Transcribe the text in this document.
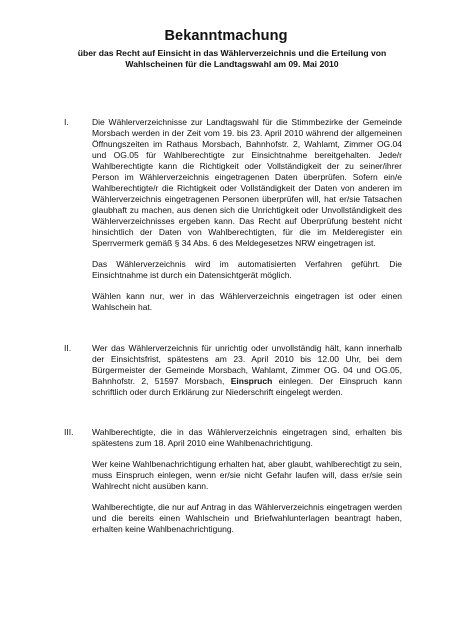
Bekanntmachung
über das Recht auf Einsicht in das Wählerverzeichnis und die Erteilung von Wahlscheinen für die Landtagswahl am 09. Mai 2010
I.	Die Wählerverzeichnisse zur Landtagswahl für die Stimmbezirke der Gemeinde Morsbach werden in der Zeit vom 19. bis 23. April 2010 während der allgemeinen Öffnungszeiten im Rathaus Morsbach, Bahnhofstr. 2, Wahlamt, Zimmer OG.04 und OG.05 für Wahlberechtigte zur Einsichtnahme bereitgehalten. Jede/r Wahlberechtigte kann die Richtigkeit oder Vollständigkeit der zu seiner/ihrer Person im Wählerverzeichnis eingetragenen Daten überprüfen. Sofern ein/e Wahlberechtigte/r die Richtigkeit oder Vollständigkeit der Daten von anderen im Wählerverzeichnis eingetragenen Personen überprüfen will, hat er/sie Tatsachen glaubhaft zu machen, aus denen sich die Unrichtigkeit oder Unvollständigkeit des Wählerverzeichnisses ergeben kann. Das Recht auf Überprüfung besteht nicht hinsichtlich der Daten von Wahlberechtigten, für die im Melderegister ein Sperrvermerk gemäß § 34 Abs. 6 des Meldegesetzes NRW eingetragen ist.

Das Wählerverzeichnis wird im automatisierten Verfahren geführt. Die Einsichtnahme ist durch ein Datensichtgerät möglich.

Wählen kann nur, wer in das Wählerverzeichnis eingetragen ist oder einen Wahlschein hat.

II. Wer das Wählerverzeichnis für unrichtig oder unvollständig hält, kann innerhalb der Einsichtsfrist, spätestens am 23. April 2010 bis 12.00 Uhr, bei dem Bürgermeister der Gemeinde Morsbach, Wahlamt, Zimmer OG. 04 und OG.05, Bahnhofstr. 2, 51597 Morsbach, Einspruch einlegen. Der Einspruch kann schriftlich oder durch Erklärung zur Niederschrift eingelegt werden.

III. Wahlberechtigte, die in das Wählerverzeichnis eingetragen sind, erhalten bis spätestens zum 18. April 2010 eine Wahlbenachrichtigung.

Wer keine Wahlbenachrichtigung erhalten hat, aber glaubt, wahlberechtigt zu sein, muss Einspruch einlegen, wenn er/sie nicht Gefahr laufen will, dass er/sie sein Wahlrecht nicht ausüben kann.

Wahlberechtigte, die nur auf Antrag in das Wählerverzeichnis eingetragen werden und die bereits einen Wahlschein und Briefwahlunterlagen beantragt haben, erhalten keine Wahlbenachrichtigung.
